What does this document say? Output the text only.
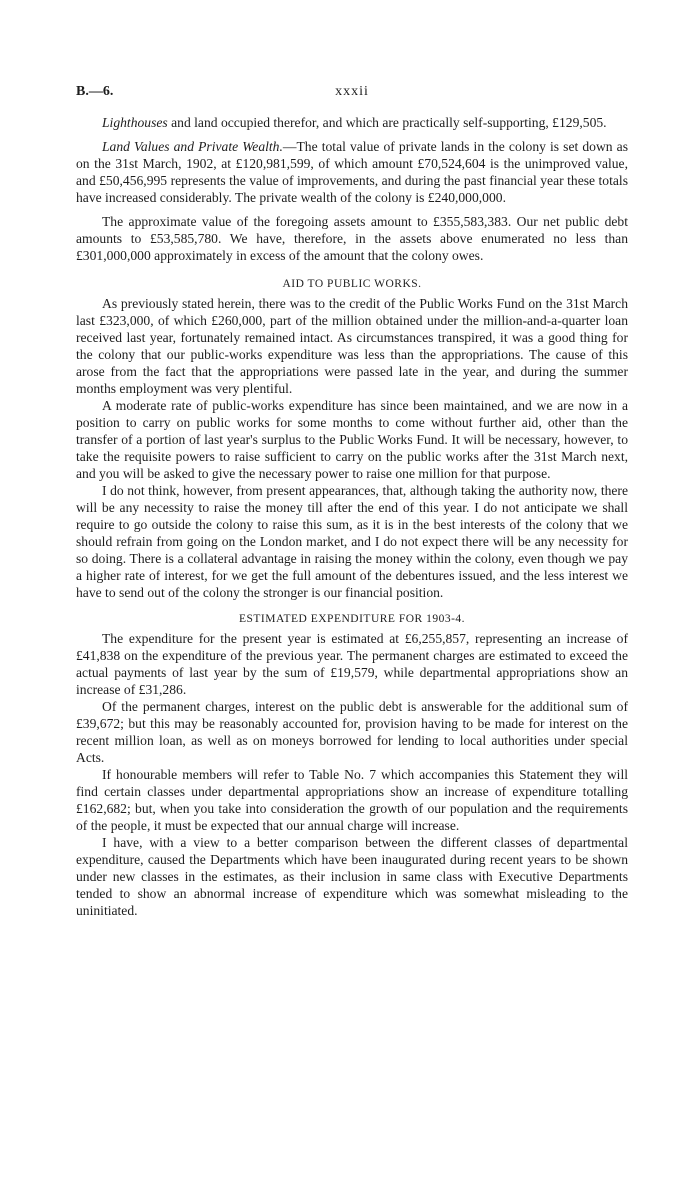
B.—6.	xxxii

Lighthouses and land occupied therefor, and which are practically self-supporting, £129,505.

Land Values and Private Wealth.—The total value of private lands in the colony is set down as on the 31st March, 1902, at £120,981,599, of which amount £70,524,604 is the unimproved value, and £50,456,995 represents the value of improvements, and during the past financial year these totals have increased considerably. The private wealth of the colony is £240,000,000.

The approximate value of the foregoing assets amount to £355,583,383. Our net public debt amounts to £53,585,780. We have, therefore, in the assets above enumerated no less than £301,000,000 approximately in excess of the amount that the colony owes.

AID TO PUBLIC WORKS.

As previously stated herein, there was to the credit of the Public Works Fund on the 31st March last £323,000, of which £260,000, part of the million obtained under the million-and-a-quarter loan received last year, fortunately remained intact. As circumstances transpired, it was a good thing for the colony that our public-works expenditure was less than the appropriations. The cause of this arose from the fact that the appropriations were passed late in the year, and during the summer months employment was very plentiful.

A moderate rate of public-works expenditure has since been maintained, and we are now in a position to carry on public works for some months to come without further aid, other than the transfer of a portion of last year's surplus to the Public Works Fund. It will be necessary, however, to take the requisite powers to raise sufficient to carry on the public works after the 31st March next, and you will be asked to give the necessary power to raise one million for that purpose.

I do not think, however, from present appearances, that, although taking the authority now, there will be any necessity to raise the money till after the end of this year. I do not anticipate we shall require to go outside the colony to raise this sum, as it is in the best interests of the colony that we should refrain from going on the London market, and I do not expect there will be any necessity for so doing. There is a collateral advantage in raising the money within the colony, even though we pay a higher rate of interest, for we get the full amount of the debentures issued, and the less interest we have to send out of the colony the stronger is our financial position.

ESTIMATED EXPENDITURE FOR 1903-4.

The expenditure for the present year is estimated at £6,255,857, representing an increase of £41,838 on the expenditure of the previous year. The permanent charges are estimated to exceed the actual payments of last year by the sum of £19,579, while departmental appropriations show an increase of £31,286.

Of the permanent charges, interest on the public debt is answerable for the additional sum of £39,672; but this may be reasonably accounted for, provision having to be made for interest on the recent million loan, as well as on moneys borrowed for lending to local authorities under special Acts.

If honourable members will refer to Table No. 7 which accompanies this Statement they will find certain classes under departmental appropriations show an increase of expenditure totalling £162,682; but, when you take into consideration the growth of our population and the requirements of the people, it must be expected that our annual charge will increase.

I have, with a view to a better comparison between the different classes of departmental expenditure, caused the Departments which have been inaugurated during recent years to be shown under new classes in the estimates, as their inclusion in same class with Executive Departments tended to show an abnormal increase of expenditure which was somewhat misleading to the uninitiated.
